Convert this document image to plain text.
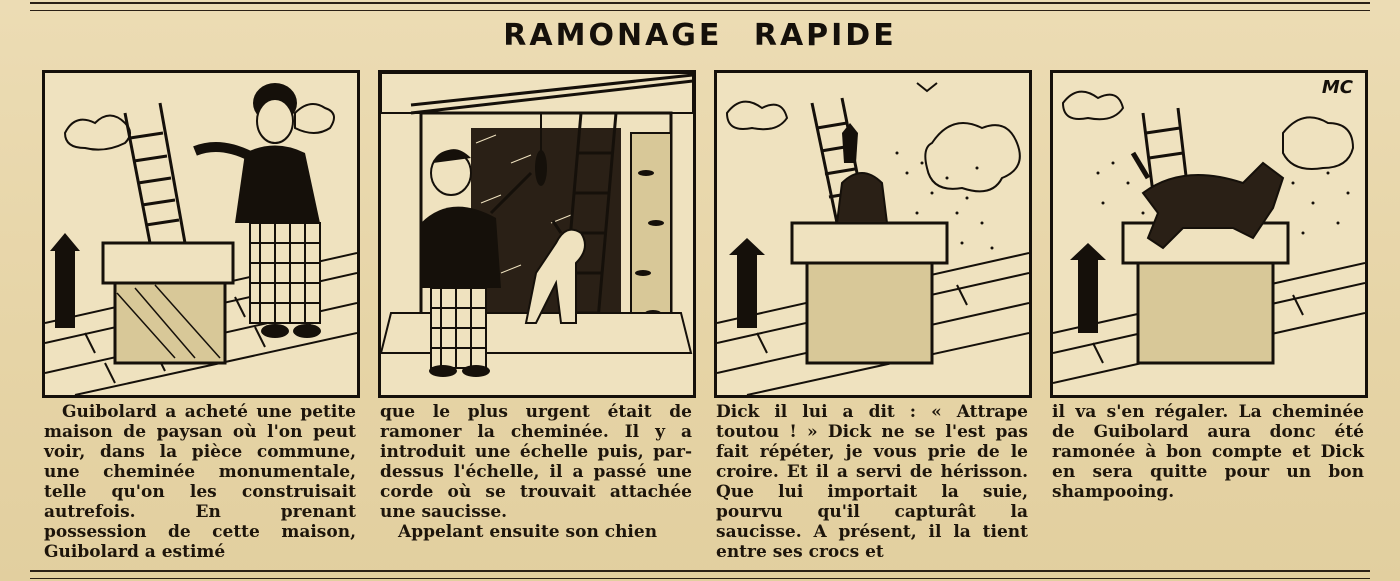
RAMONAGE RAPIDE
MC

Guibolard a acheté une petite maison de paysan où l'on peut voir, dans la pièce commune, une cheminée monumentale, telle qu'on les construisait autrefois. En prenant possession de cette maison, Guibolard a estimé

que le plus urgent était de ramoner la cheminée. Il y a introduit une échelle puis, par-dessus l'échelle, il a passé une corde où se trouvait attachée une saucisse.

Appelant ensuite son chien

Dick il lui a dit : « Attrape toutou ! » Dick ne se l'est pas fait répéter, je vous prie de le croire. Et il a servi de hérisson. Que lui importait la suie, pourvu qu'il capturât la saucisse. A présent, il la tient entre ses crocs et

il va s'en régaler. La cheminée de Guibolard aura donc été ramonée à bon compte et Dick en sera quitte pour un bon shampooing.
